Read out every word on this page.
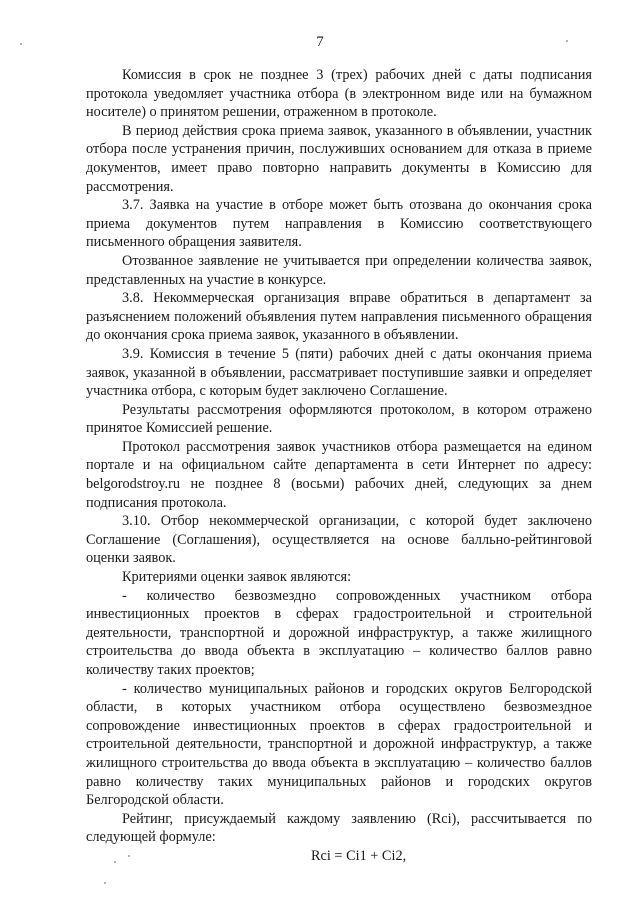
7

Комиссия в срок не позднее 3 (трех) рабочих дней с даты подписания протокола уведомляет участника отбора (в электронном виде или на бумажном носителе) о принятом решении, отраженном в протоколе.

В период действия срока приема заявок, указанного в объявлении, участник отбора после устранения причин, послуживших основанием для отказа в приеме документов, имеет право повторно направить документы в Комиссию для рассмотрения.

3.7. Заявка на участие в отборе может быть отозвана до окончания срока приема документов путем направления в Комиссию соответствующего письменного обращения заявителя.

Отозванное заявление не учитывается при определении количества заявок, представленных на участие в конкурсе.

3.8. Некоммерческая организация вправе обратиться в департамент за разъяснением положений объявления путем направления письменного обращения до окончания срока приема заявок, указанного в объявлении.

3.9. Комиссия в течение 5 (пяти) рабочих дней с даты окончания приема заявок, указанной в объявлении, рассматривает поступившие заявки и определяет участника отбора, с которым будет заключено Соглашение.

Результаты рассмотрения оформляются протоколом, в котором отражено принятое Комиссией решение.

Протокол рассмотрения заявок участников отбора размещается на едином портале и на официальном сайте департамента в сети Интернет по адресу: belgorodstroy.ru не позднее 8 (восьми) рабочих дней, следующих за днем подписания протокола.

3.10. Отбор некоммерческой организации, с которой будет заключено Соглашение (Соглашения), осуществляется на основе балльно-рейтинговой оценки заявок.

Критериями оценки заявок являются:

- количество безвозмездно сопровожденных участником отбора инвестиционных проектов в сферах градостроительной и строительной деятельности, транспортной и дорожной инфраструктур, а также жилищного строительства до ввода объекта в эксплуатацию – количество баллов равно количеству таких проектов;

- количество муниципальных районов и городских округов Белгородской области, в которых участником отбора осуществлено безвозмездное сопровождение инвестиционных проектов в сферах градостроительной и строительной деятельности, транспортной и дорожной инфраструктур, а также жилищного строительства до ввода объекта в эксплуатацию – количество баллов равно количеству таких муниципальных районов и городских округов Белгородской области.

Рейтинг, присуждаемый каждому заявлению (Rci), рассчитывается по следующей формуле:

Rci = Ci1 + Ci2,
